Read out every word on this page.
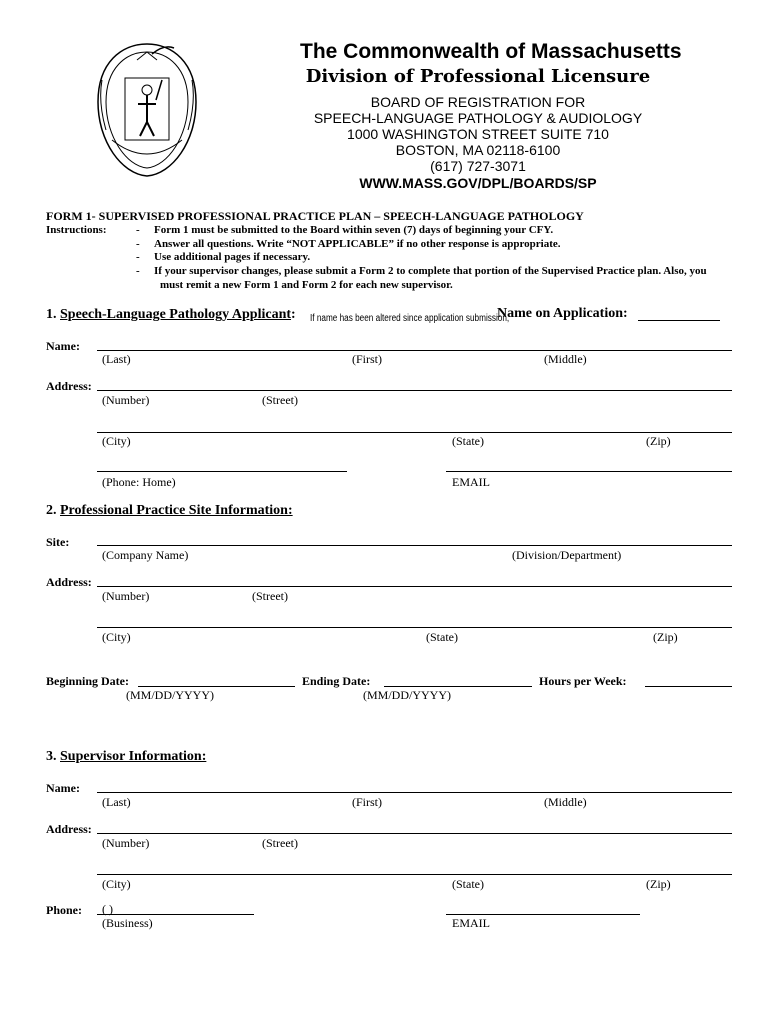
The Commonwealth of Massachusetts
Division of Professional Licensure
BOARD OF REGISTRATION FOR
SPEECH-LANGUAGE PATHOLOGY & AUDIOLOGY
1000 WASHINGTON STREET SUITE 710
BOSTON, MA 02118-6100
(617) 727-3071
WWW.MASS.GOV/DPL/BOARDS/SP
FORM 1- SUPERVISED PROFESSIONAL PRACTICE PLAN – SPEECH-LANGUAGE PATHOLOGY
Instructions:	- Form 1 must be submitted to the Board within seven (7) days of beginning your CFY.
- Answer all questions. Write “NOT APPLICABLE” if no other response is appropriate.
- Use additional pages if necessary.
- If your supervisor changes, please submit a Form 2 to complete that portion of the Supervised Practice plan. Also, you
must remit a new Form 1 and Form 2 for each new supervisor.
1. Speech-Language Pathology Applicant: If name has been altered since application submission,
Name on Application:
Name:
(Last)	(First)	(Middle)
Address:
(Number)	(Street)
(City)	(State)	(Zip)
(Phone: Home)	EMAIL
2. Professional Practice Site Information:
Site:
(Company Name)	(Division/Department)
Address:
(Number)	(Street)
(City)	(State)	(Zip)
Beginning Date:	Ending Date:	Hours per Week:
(MM/DD/YYYY)	(MM/DD/YYYY)
3. Supervisor Information:
Name:
(Last)	(First)	(Middle)
Address:
(Number)	(Street)
(City)	(State)	(Zip)
Phone: ( )
(Business)	EMAIL
